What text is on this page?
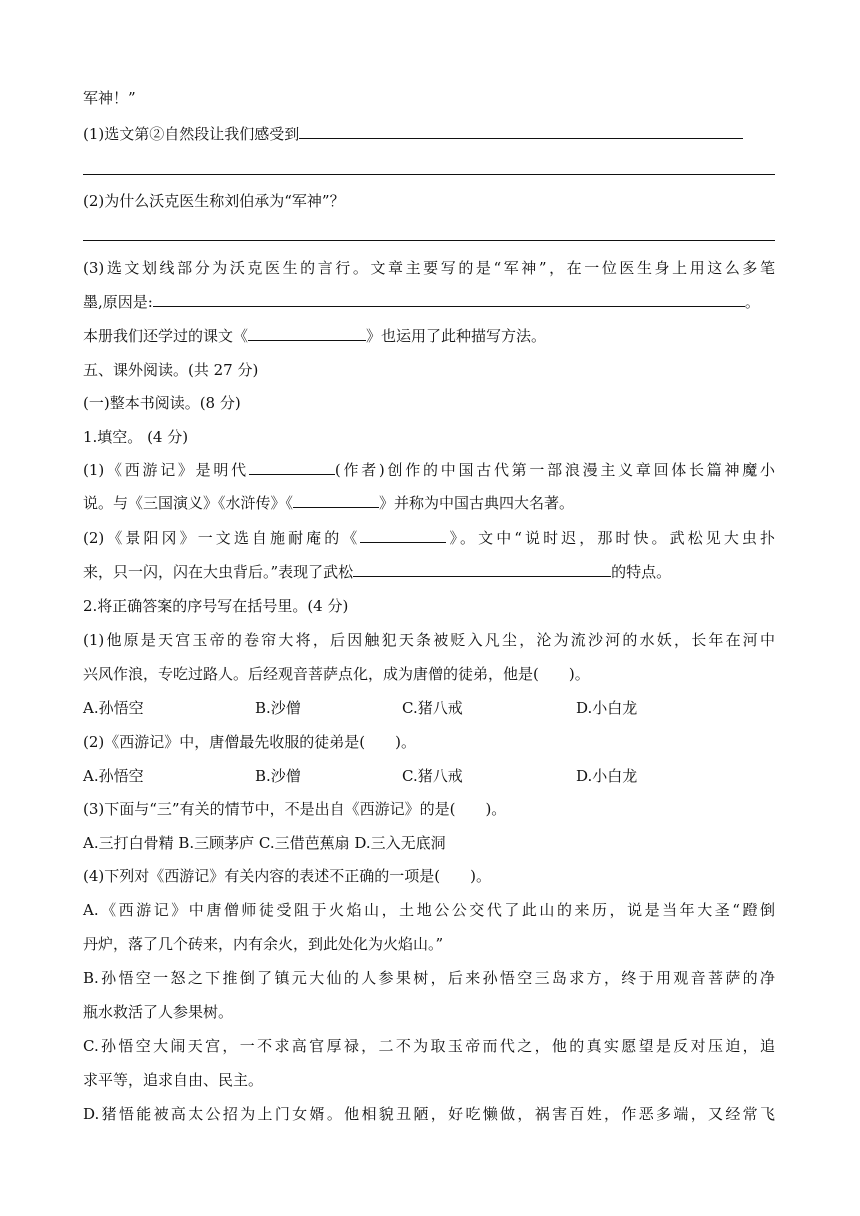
军神！”
(1)选文第②自然段让我们感受到
(2)为什么沃克医生称刘伯承为“军神”？
(3)选文划线部分为沃克医生的言行。文章主要写的是“军神”，在一位医生身上用这么多笔
墨,原因是:	。
本册我们还学过的课文《	》也运用了此种描写方法。
五、课外阅读。(共 27 分)
(一)整本书阅读。(8 分)
1.填空。 (4 分)
(1)《西游记》是明代	(作者)创作的中国古代第一部浪漫主义章回体长篇神魔小
说。与《三国演义》《水浒传》《	》并称为中国古典四大名著。
(2)《景阳冈》一文选自施耐庵的《	》。文中“说时迟，那时快。武松见大虫扑
来，只一闪，闪在大虫背后。”表现了武松	的特点。
2.将正确答案的序号写在括号里。(4 分)
(1)他原是天宫玉帝的卷帘大将，后因触犯天条被贬入凡尘，沦为流沙河的水妖，长年在河中
兴风作浪，专吃过路人。后经观音菩萨点化，成为唐僧的徒弟，他是(　　)。
A.孙悟空	B.沙僧	C.猪八戒	D.小白龙
(2)《西游记》中，唐僧最先收服的徒弟是(　　)。
A.孙悟空	B.沙僧	C.猪八戒	D.小白龙
(3)下面与“三”有关的情节中，不是出自《西游记》的是(　　)。
A.三打白骨精 B.三顾茅庐 C.三借芭蕉扇 D.三入无底洞
(4)下列对《西游记》有关内容的表述不正确的一项是(　　)。
A.《西游记》中唐僧师徒受阻于火焰山，土地公公交代了此山的来历，说是当年大圣“蹬倒
丹炉，落了几个砖来，内有余火，到此处化为火焰山。”
B.孙悟空一怒之下推倒了镇元大仙的人参果树，后来孙悟空三岛求方，终于用观音菩萨的净
瓶水救活了人参果树。
C.孙悟空大闹天宫，一不求高官厚禄，二不为取玉帝而代之，他的真实愿望是反对压迫，追
求平等，追求自由、民主。
D.猪悟能被高太公招为上门女婿。他相貌丑陋，好吃懒做，祸害百姓，作恶多端，又经常飞
